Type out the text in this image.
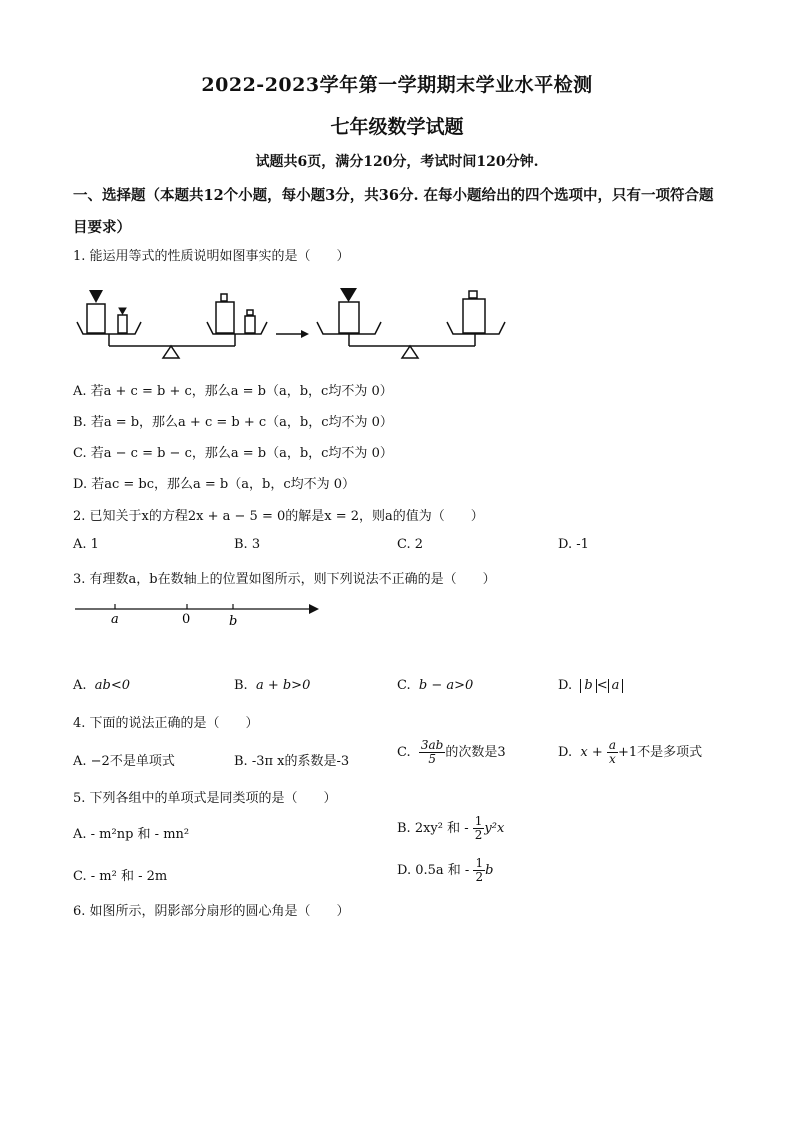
2022-2023学年第一学期期末学业水平检测
七年级数学试题
试题共6页，满分120分，考试时间120分钟.
一、选择题（本题共12个小题，每小题3分，共36分. 在每小题给出的四个选项中，只有一项符合题目要求）
1. 能运用等式的性质说明如图事实的是（　　）
A. 若a + c = b + c，那么a = b（a，b，c均不为 0）
B. 若a = b，那么a + c = b + c（a，b，c均不为 0）
C. 若a − c = b − c，那么a = b（a，b，c均不为 0）
D. 若ac = bc，那么a = b（a，b，c均不为 0）
2. 已知关于x的方程2x + a − 5 = 0的解是x = 2，则a的值为（　　）
A. 1	B. 3	C. 2	D. -1
3. 有理数a，b在数轴上的位置如图所示，则下列说法不正确的是（　　）
a	0	b
A. ab<0	B. a + b>0	C. b − a>0	D. b < a
4. 下面的说法正确的是（　　）
A. −2不是单项式	B. -3π x的系数是-3
C. $\frac{3ab}{5}$ 的次数是3	D. $x + \frac{a}{x} +1$不是多项式
5. 下列各组中的单项式是同类项的是（　　）
A. - m²np 和 - mn²	B. 2xy² 和 - $\frac{1}{2} y^2x$
C. - m² 和 - 2m	D. 0.5a 和 - $\frac{1}{2}$ b
6. 如图所示，阴影部分扇形的圆心角是（　　）
